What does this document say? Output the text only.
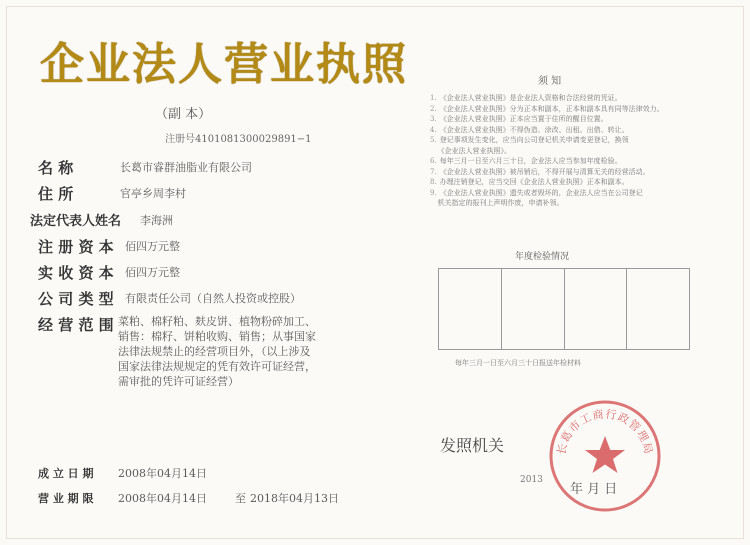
企业法人营业执照
（副 本）
注册号4101081300029891−1
名 称	长葛市睿群油脂业有限公司
住 所	官亭乡周李村
法定代表人姓名 李海洲
注 册 资 本	佰四万元整
实 收 资 本	佰四万元整
公 司 类 型	有限责任公司（自然人投资或控股）
经 营 范 围 菜粕、棉籽粕、麸皮饼、植物粉碎加工、销售：棉籽、饼粕收购、销售；从事国家法律法规禁止的经营项目外，（以上涉及国家法律法规规定的凭有效许可证经营，需审批的凭许可证经营）
成 立 日 期 2008年04月14日
营 业 期 限 2008年04月14日	至 2018年04月13日
须 知
1. 《企业法人营业执照》是企业法人资格和合法经营的凭证。
2. 《企业法人营业执照》分为正本和副本，正本和副本具有同等法律效力。
3. 《企业法人营业执照》正本应当置于住所的醒目位置。
4. 《企业法人营业执照》不得伪造、涂改、出租、出借、转让。
5. 登记事项发生变化，应当向公司登记机关申请变更登记，换领
《企业法人营业执照》。
6. 每年三月一日至六月三十日，企业法人应当参加年度检验。
7. 《企业法人营业执照》被吊销后，不得开展与清算无关的经营活动。
8. 办理注销登记，应当交回《企业法人营业执照》正本和副本。
9. 《企业法人营业执照》遗失或者毁坏的，企业法人应当在公司登记
机关指定的报刊上声明作废，申请补领。
年度检验情况
每年三月一日至六月三十日报送年检材料
发照机关
2013
年 月 日
长葛市工商行政管理局
